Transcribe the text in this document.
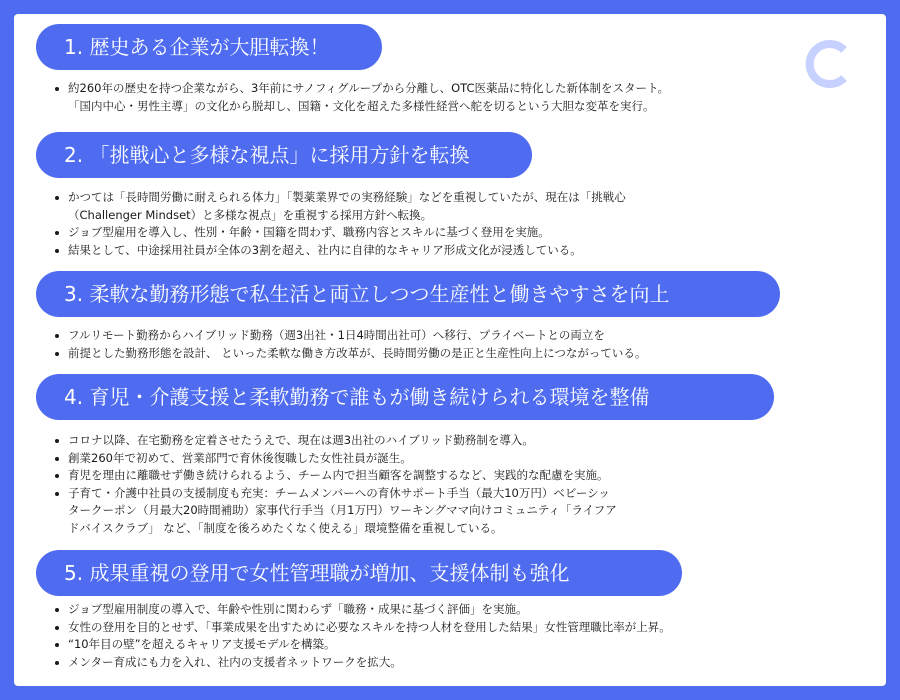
1. 歴史ある企業が大胆転換！
約260年の歴史を持つ企業ながら、3年前にサノフィグループから分離し、OTC医薬品に特化した新体制をスタート。
「国内中心・男性主導」の文化から脱却し、国籍・文化を超えた多様性経営へ舵を切るという大胆な変革を実行。
2. 「挑戦心と多様な視点」に採用方針を転換
かつては「長時間労働に耐えられる体力」「製薬業界での実務経験」などを重視していたが、現在は「挑戦心
（Challenger Mindset）と多様な視点」を重視する採用方針へ転換。
ジョブ型雇用を導入し、性別・年齢・国籍を問わず、職務内容とスキルに基づく登用を実施。
結果として、中途採用社員が全体の3割を超え、社内に自律的なキャリア形成文化が浸透している。
3. 柔軟な勤務形態で私生活と両立しつつ生産性と働きやすさを向上
フルリモート勤務からハイブリッド勤務（週3出社・1日4時間出社可）へ移行、プライベートとの両立を
前提とした勤務形態を設計、 といった柔軟な働き方改革が、長時間労働の是正と生産性向上につながっている。
4. 育児・介護支援と柔軟勤務で誰もが働き続けられる環境を整備
コロナ以降、在宅勤務を定着させたうえで、現在は週3出社のハイブリッド勤務制を導入。
創業260年で初めて、営業部門で育休後復職した女性社員が誕生。
育児を理由に離職せず働き続けられるよう、チーム内で担当顧客を調整するなど、実践的な配慮を実施。
子育て・介護中社員の支援制度も充実：チームメンバーへの育休サポート手当（最大10万円）ベビーシッ
タークーポン（月最大20時間補助）家事代行手当（月1万円）ワーキングママ向けコミュニティ「ライフア
ドバイスクラブ」 など、「制度を後ろめたくなく使える」環境整備を重視している。
5. 成果重視の登用で女性管理職が増加、支援体制も強化
ジョブ型雇用制度の導入で、年齢や性別に関わらず「職務・成果に基づく評価」を実施。
女性の登用を目的とせず、「事業成果を出すために必要なスキルを持つ人材を登用した結果」女性管理職比率が上昇。
“10年目の壁”を超えるキャリア支援モデルを構築。
メンター育成にも力を入れ、社内の支援者ネットワークを拡大。
